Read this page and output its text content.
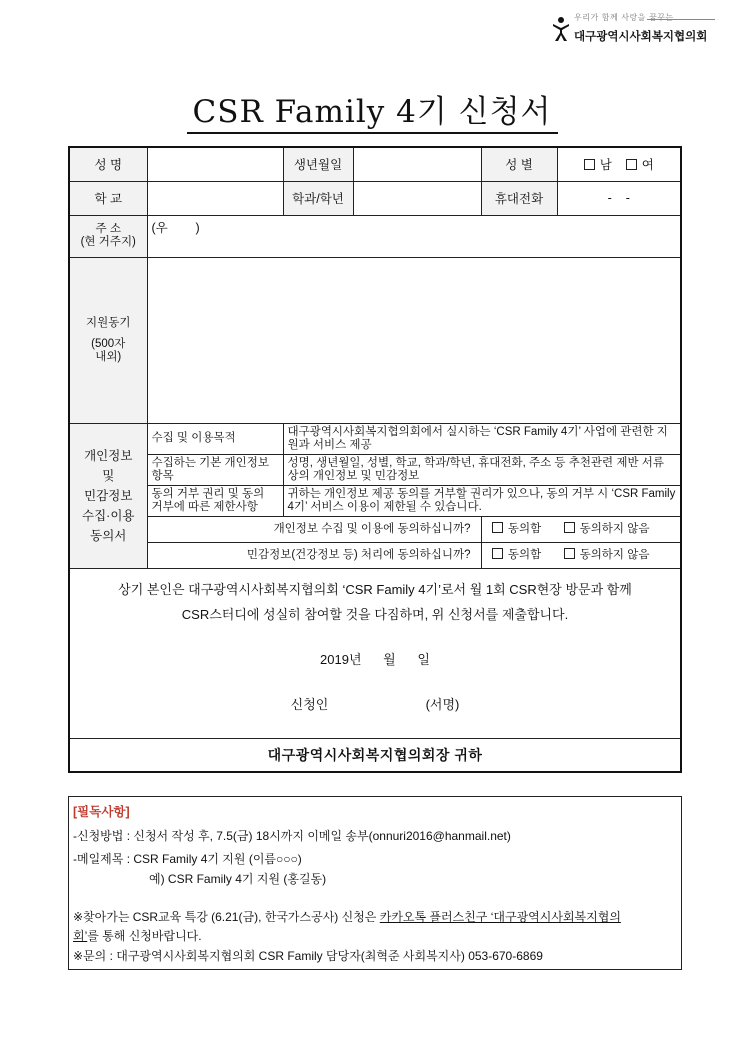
우리가 함께 사랑을 꿈꾸는
대구광역시사회복지협의회
CSR Family 4기 신청서
성 명		생년월일		성 별	남 여
학 교		학과/학년		휴대전화	-    -

주 소
(현 거주지)	(우        )				

지원동기
(500자
내외)					

개인정보
및
민감정보
수집·이용
동의서	수집 및 이용목적	대구광역시사회복지협의회에서 실시하는 ‘CSR Family 4기’ 사업에 관련한 지원과 서비스 제공			
	수집하는 기본 개인정보 항목	성명, 생년월일, 성별, 학교, 학과/학년, 휴대전화, 주소 등 추천관련 제반 서류 상의 개인정보 및 민감정보			
	동의 거부 권리 및 동의 거부에 따른 제한사항	귀하는 개인정보 제공 동의를 거부할 권리가 있으나, 동의 거부 시 ‘CSR Family 4기’ 서비스 이용이 제한될 수 있습니다.			
	개인정보 수집 및 이용에 동의하십니까?			동의함 동의하지 않음	
	민감정보(건강정보 등) 처리에 동의하십니까?			동의함 동의하지 않음	

상기 본인은 대구광역시사회복지협의회 ‘CSR Family 4기’로서 월 1회 CSR현장 방문과 함께
CSR스터디에 성실히 참여할 것을 다짐하며, 위 신청서를 제출합니다.
2019년      월      일
신청인 (서명)					

대구광역시사회복지협의회장 귀하					
[필독사항]
-신청방법 : 신청서 작성 후, 7.5(금) 18시까지 이메일 송부(onnuri2016@hanmail.net)
-메일제목 : CSR Family 4기 지원 (이름○○○)
예) CSR Family 4기 지원 (홍길동)
※찾아가는 CSR교육 특강 (6.21(금), 한국가스공사) 신청은 카카오톡 플러스친구 ‘대구광역시사회복지협의
회’를 통해 신청바랍니다.
※문의 : 대구광역시사회복지협의회 CSR Family 담당자(최혁준 사회복지사) 053-670-6869
